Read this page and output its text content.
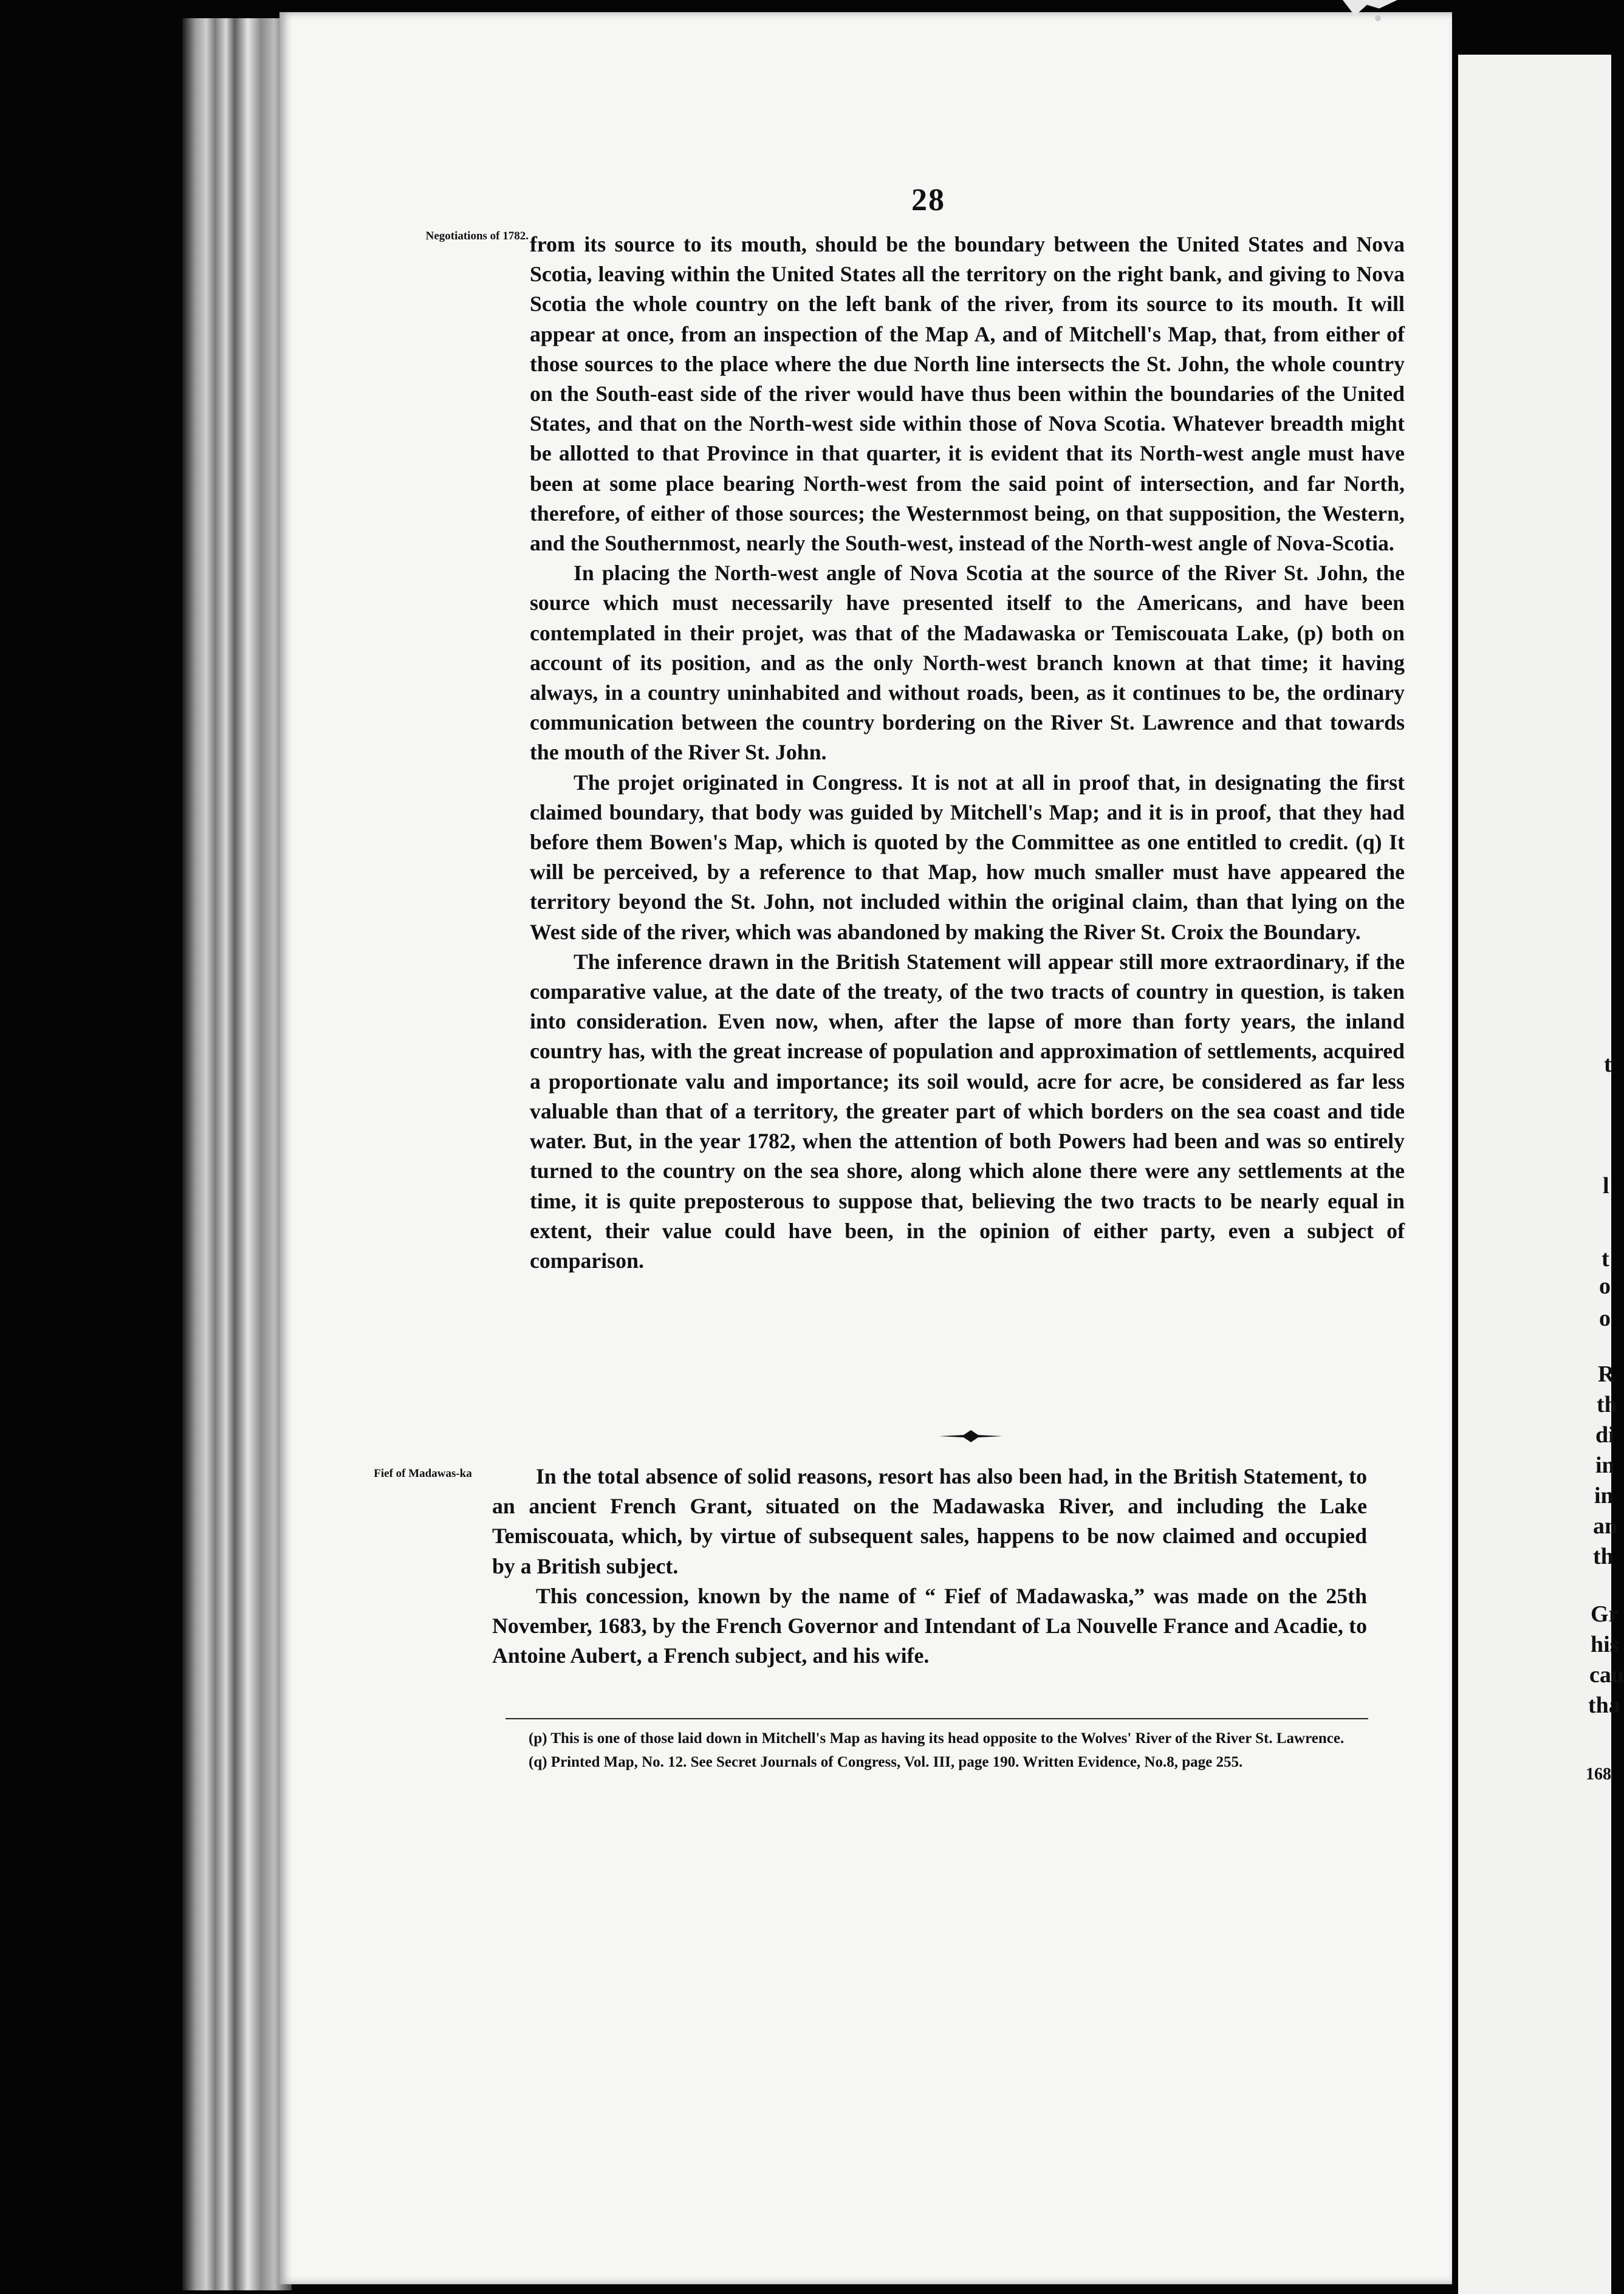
t
l
t
o
o
R
th
di
in
in
an
th
Gr
his
cau
tha
168
28
Negotiations of 1782. from its source to its mouth, should be the boundary between the United States and Nova Scotia, leaving within the United States all the territory on the right bank, and giving to Nova Scotia the whole country on the left bank of the river, from its source to its mouth. It will appear at once, from an inspection of the Map A, and of Mitchell's Map, that, from either of those sources to the place where the due North line intersects the St. John, the whole country on the South-east side of the river would have thus been within the boundaries of the United States, and that on the North-west side within those of Nova Scotia. Whatever breadth might be allotted to that Province in that quarter, it is evident that its North-west angle must have been at some place bearing North-west from the said point of intersection, and far North, therefore, of either of those sources; the Westernmost being, on that supposition, the Western, and the Southernmost, nearly the South-west, instead of the North-west angle of Nova-Scotia.

In placing the North-west angle of Nova Scotia at the source of the River St. John, the source which must necessarily have presented itself to the Americans, and have been contemplated in their projet, was that of the Madawaska or Temiscouata Lake, (p) both on account of its position, and as the only North-west branch known at that time; it having always, in a country uninhabited and without roads, been, as it continues to be, the ordinary communication between the country bordering on the River St. Lawrence and that towards the mouth of the River St. John.

The projet originated in Congress. It is not at all in proof that, in designating the first claimed boundary, that body was guided by Mitchell's Map; and it is in proof, that they had before them Bowen's Map, which is quoted by the Committee as one entitled to credit. (q) It will be perceived, by a reference to that Map, how much smaller must have appeared the territory beyond the St. John, not included within the original claim, than that lying on the West side of the river, which was abandoned by making the River St. Croix the Boundary.

The inference drawn in the British Statement will appear still more extraordinary, if the comparative value, at the date of the treaty, of the two tracts of country in question, is taken into consideration. Even now, when, after the lapse of more than forty years, the inland country has, with the great increase of population and approximation of settlements, acquired a proportionate valu and importance; its soil would, acre for acre, be considered as far less valuable than that of a territory, the greater part of which borders on the sea coast and tide water. But, in the year 1782, when the attention of both Powers had been and was so entirely turned to the country on the sea shore, along which alone there were any settlements at the time, it is quite preposterous to suppose that, believing the two tracts to be nearly equal in extent, their value could have been, in the opinion of either party, even a subject of comparison.

Fief of Madawas-ka	In the total absence of solid reasons, resort has also been had, in the British Statement, to an ancient French Grant, situated on the Madawaska River, and including the Lake Temiscouata, which, by virtue of subsequent sales, happens to be now claimed and occupied by a British subject.

This concession, known by the name of “ Fief of Madawaska,” was made on the 25th November, 1683, by the French Governor and Intendant of La Nouvelle France and Acadie, to Antoine Aubert, a French subject, and his wife.

(p) This is one of those laid down in Mitchell's Map as having its head opposite to the Wolves' River of the River St. Lawrence.

(q) Printed Map, No. 12. See Secret Journals of Congress, Vol. III, page 190. Written Evidence, No.8, page 255.
